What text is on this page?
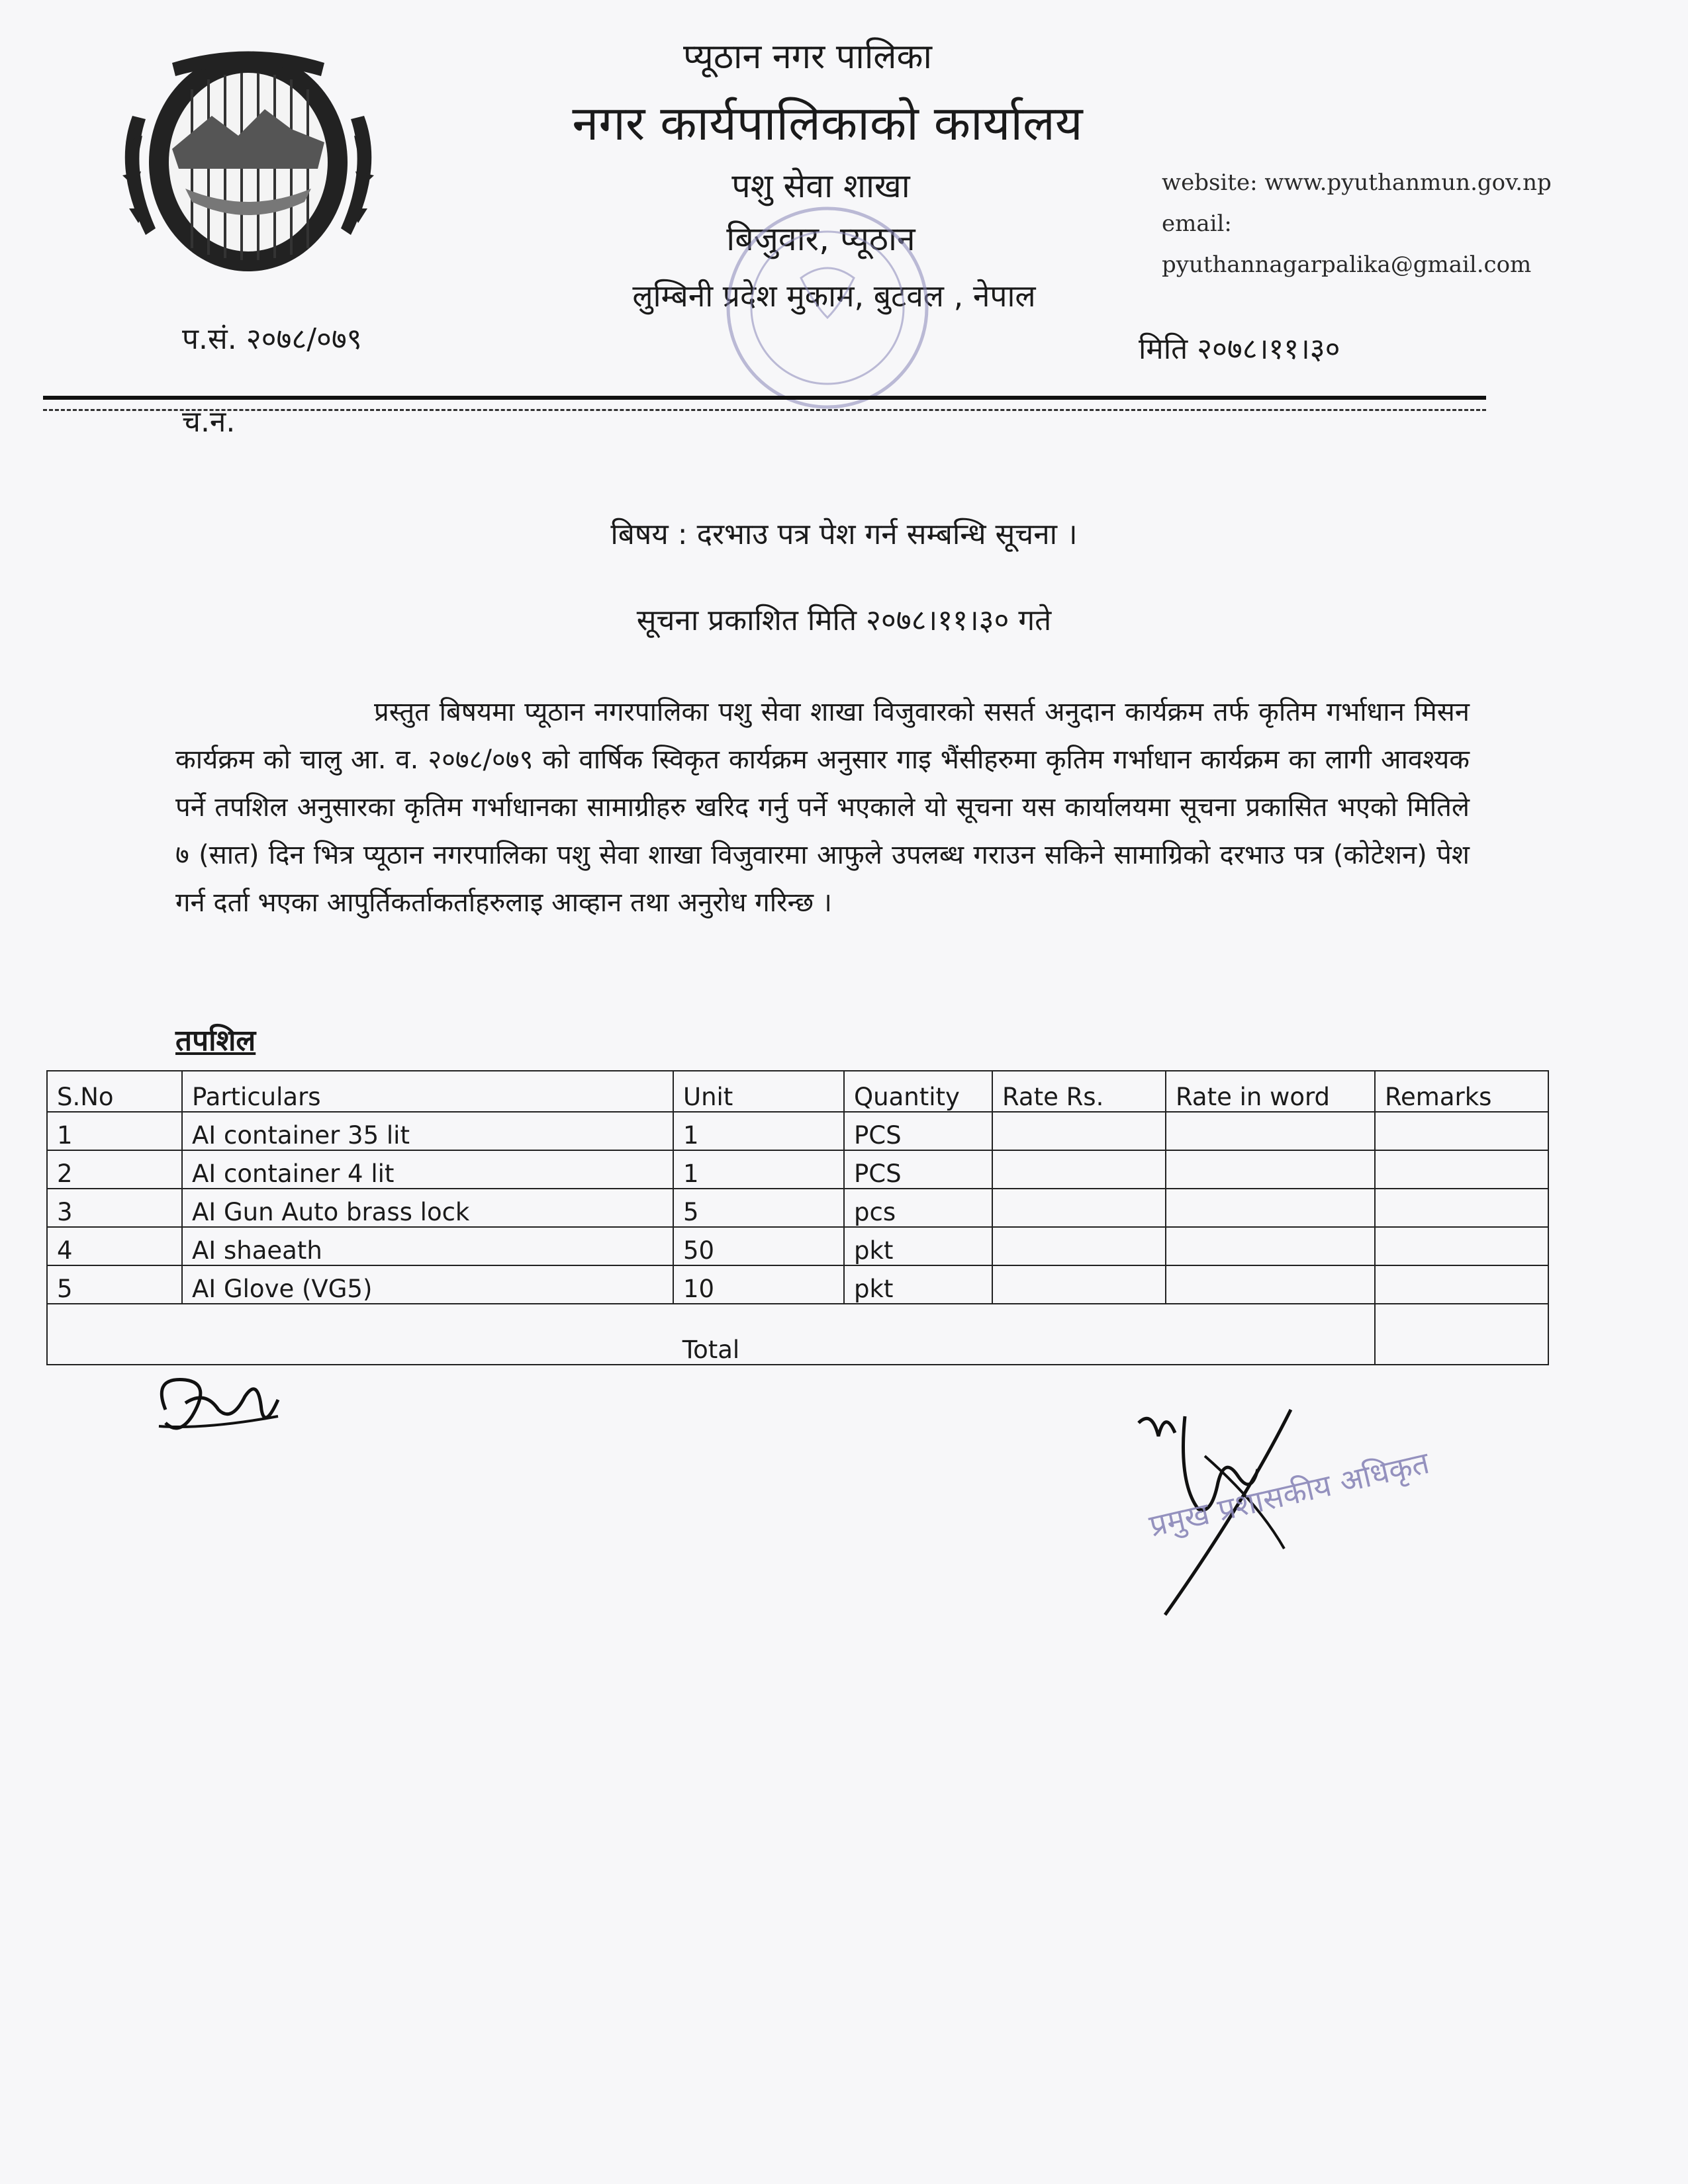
प्यूठान नगर पालिका
नगर कार्यपालिकाको कार्यालय
पशु सेवा शाखा
बिजुवार, प्यूठान
लुम्बिनी प्रदेश मुकाम, बुटवल , नेपाल
website: www.pyuthanmun.gov.np
email:
pyuthannagarpalika@gmail.com
प.सं. २०७८/०७९	मिति २०७८।११।३०
च.न.
बिषय : दरभाउ पत्र पेश गर्न सम्बन्धि सूचना ।
सूचना प्रकाशित मिति २०७८।११।३० गते
प्रस्तुत बिषयमा प्यूठान नगरपालिका पशु सेवा शाखा विजुवारको ससर्त अनुदान कार्यक्रम तर्फ कृतिम गर्भाधान मिसन कार्यक्रम को चालु आ. व. २०७८/०७९ को वार्षिक स्विकृत कार्यक्रम अनुसार गाइ भैंसीहरुमा कृतिम गर्भाधान कार्यक्रम का लागी आवश्यक पर्ने तपशिल अनुसारका कृतिम गर्भाधानका सामाग्रीहरु खरिद गर्नु पर्ने भएकाले यो सूचना यस कार्यालयमा सूचना प्रकासित भएको मितिले ७ (सात) दिन भित्र प्यूठान नगरपालिका पशु सेवा शाखा विजुवारमा आफुले उपलब्ध गराउन सकिने सामाग्रिको दरभाउ पत्र (कोटेशन) पेश गर्न दर्ता भएका आपुर्तिकर्ताकर्ताहरुलाइ आव्हान तथा अनुरोध गरिन्छ ।
तपशिल
S.No	Particulars	Unit	Quantity	Rate Rs.	Rate in word	Remarks
1	AI container 35 lit	1	PCS			
2	AI container 4 lit	1	PCS			
3	AI Gun Auto brass lock	5	pcs			
4	AI shaeath	50	pkt			
5	AI Glove (VG5)	10	pkt			
Total						
प्रमुख प्रशासकीय अधिकृत
